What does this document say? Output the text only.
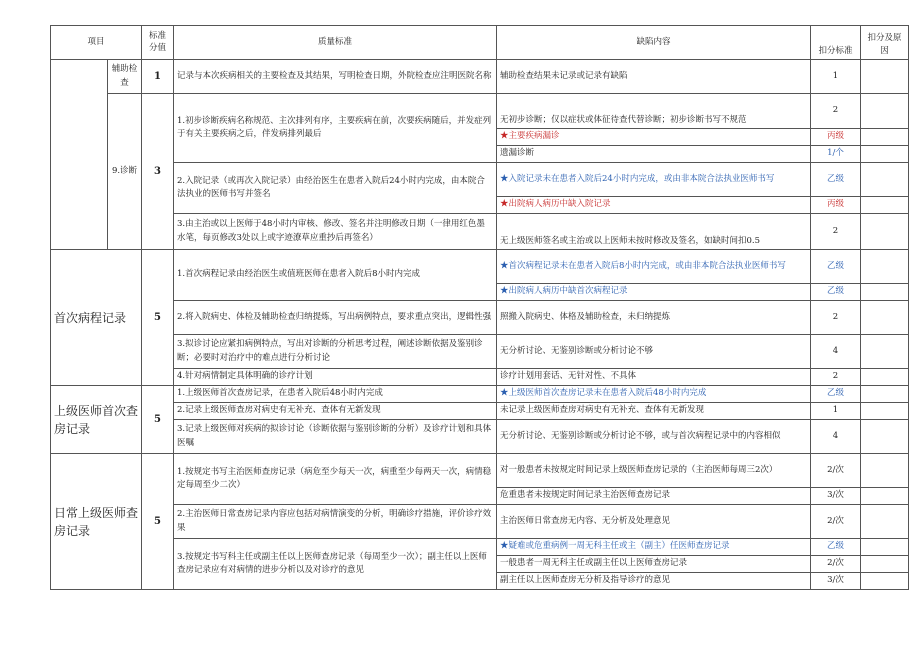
项目		标准分值	质量标准	缺陷内容	扣分标准	扣分及原因
	辅助检查	1	记录与本次疾病相关的主要检查及其结果，写明检查日期，外院检查应注明医院名称	辅助检查结果未记录或记录有缺陷	1	
	9.诊断	3	1.初步诊断疾病名称规范、主次排列有序，主要疾病在前，次要疾病随后，并发症列于有关主要疾病之后，伴发病排列最后	无初步诊断；仅以症状或体征待查代替诊断；初步诊断书写不规范	2	
				★主要疾病漏诊	丙级	
				遗漏诊断	1/个	
			2.入院记录（或再次入院记录）由经治医生在患者入院后24小时内完成，由本院合法执业的医师书写并签名	★入院记录未在患者入院后24小时内完成，或由非本院合法执业医师书写	乙级	
				★出院病人病历中缺入院记录	丙级	
			3.由主治或以上医师于48小时内审核、修改、签名并注明修改日期（一律用红色墨水笔，每页修改3处以上或字迹潦草应重抄后再签名）	无上级医师签名或主治或以上医师未按时修改及签名，如缺时间扣0.5	2	
首次病程记录		5	1.首次病程记录由经治医生或值班医师在患者入院后8小时内完成	★首次病程记录未在患者入院后8小时内完成，或由非本院合法执业医师书写	乙级	
				★出院病人病历中缺首次病程记录	乙级	
			2.将入院病史、体检及辅助检查归纳提炼，写出病例特点，要求重点突出，逻辑性强	照搬入院病史、体格及辅助检查，未归纳提炼	2	
			3.拟诊讨论应紧扣病例特点，写出对诊断的分析思考过程，阐述诊断依据及鉴别诊断；必要时对治疗中的难点进行分析讨论	无分析讨论、无鉴别诊断或分析讨论不够	4	
			4.针对病情制定具体明确的诊疗计划	诊疗计划用套话、无针对性、不具体	2	
上级医师首次查房记录		5	1.上级医师首次查房记录，在患者入院后48小时内完成	★上级医师首次查房记录未在患者入院后48小时内完成	乙级	
			2.记录上级医师查房对病史有无补充、查体有无新发现	未记录上级医师查房对病史有无补充、查体有无新发现	1	
			3.记录上级医师对疾病的拟诊讨论（诊断依据与鉴别诊断的分析）及诊疗计划和具体医嘱	无分析讨论、无鉴别诊断或分析讨论不够，或与首次病程记录中的内容相似	4	
日常上级医师查房记录		5	1.按规定书写主治医师查房记录（病危至少每天一次，病重至少每两天一次，病情稳定每周至少二次）	对一般患者未按规定时间记录上级医师查房记录的（主治医师每周三2次）	2/次	
				危重患者未按规定时间记录主治医师查房记录	3/次	
			2.主治医师日常查房记录内容应包括对病情演变的分析，明确诊疗措施，评价诊疗效果	主治医师日常查房无内容、无分析及处理意见	2/次	
			3.按规定书写科主任或副主任以上医师查房记录（每周至少一次）；副主任以上医师查房记录应有对病情的进步分析以及对诊疗的意见	★疑难或危重病例一周无科主任或主（副主）任医师查房记录	乙级	
				一般患者一周无科主任或副主任以上医师查房记录	2/次	
				副主任以上医师查房无分析及指导诊疗的意见	3/次	
